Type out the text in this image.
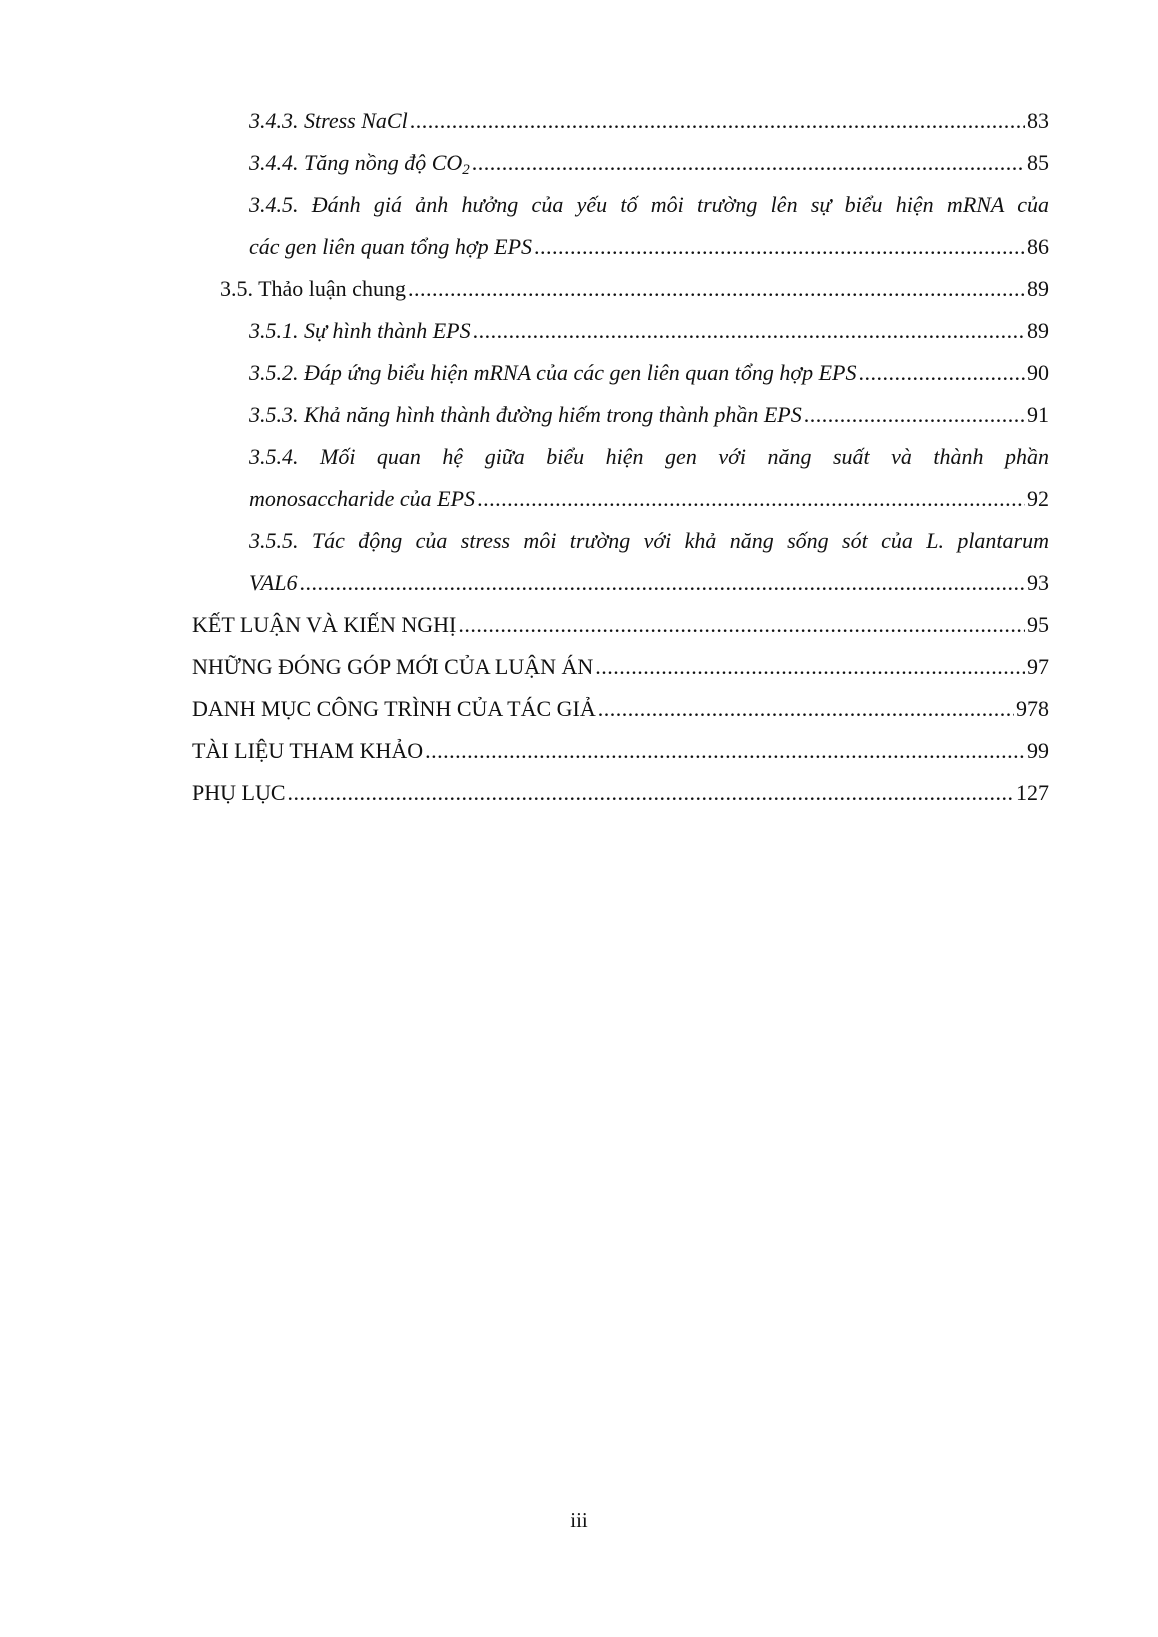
3.4.3. Stress NaCl .....	83
3.4.4. Tăng nồng độ $CO_2$ .....	85
3.4.5. Đánh giá ảnh hưởng của yếu tố môi trường lên sự biểu hiện mRNA của
các gen liên quan tổng hợp EPS .....	86
3.5. Thảo luận chung .....	89
3.5.1. Sự hình thành EPS .....	89
3.5.2. Đáp ứng biểu hiện mRNA của các gen liên quan tổng hợp EPS .....	90
3.5.3. Khả năng hình thành đường hiếm trong thành phần EPS .....	91
3.5.4. Mối quan hệ giữa biểu hiện gen với năng suất và thành phần
monosaccharide của EPS .....	92
3.5.5. Tác động của stress môi trường với khả năng sống sót của L. plantarum
VAL6 .....	93
KẾT LUẬN VÀ KIẾN NGHỊ .....	95
NHỮNG ĐÓNG GÓP MỚI CỦA LUẬN ÁN .....	97
DANH MỤC CÔNG TRÌNH CỦA TÁC GIẢ .....	978
TÀI LIỆU THAM KHẢO .....	99
PHỤ LỤC .....	127
iii
